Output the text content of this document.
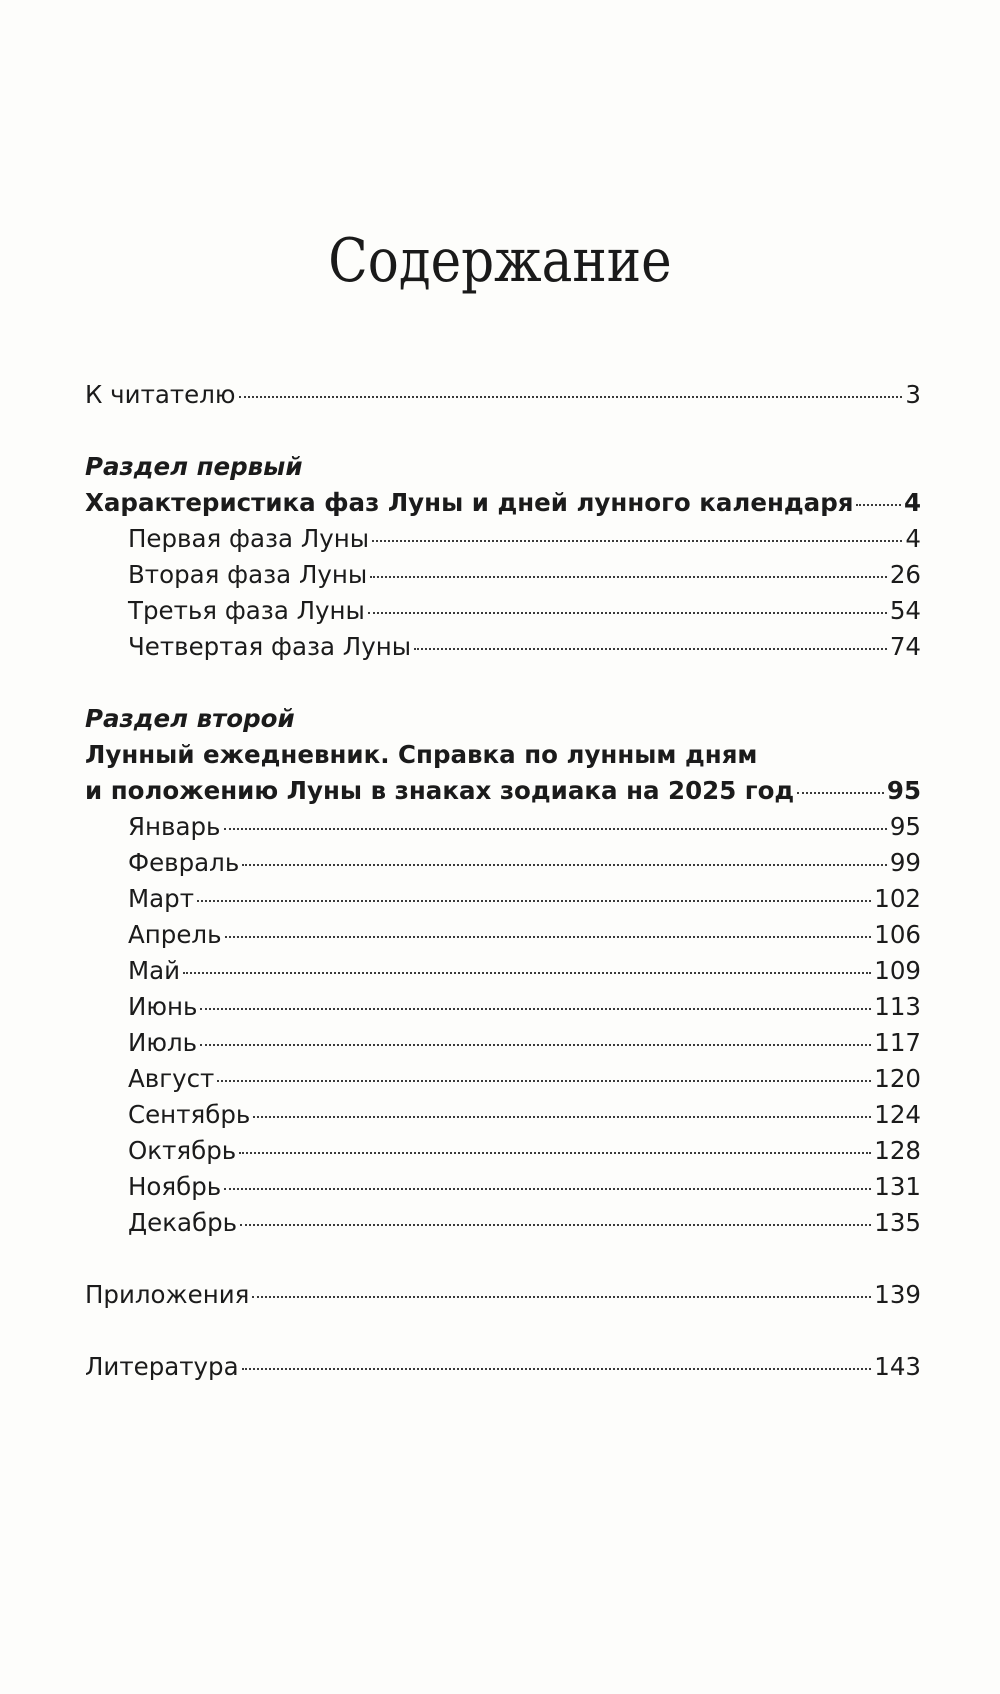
Содержание
К читателю	3
Раздел первый
Характеристика фаз Луны и дней лунного календаря 4
Первая фаза Луны	4
Вторая фаза Луны	26
Третья фаза Луны	54
Четвертая фаза Луны	74
Раздел второй
Лунный ежедневник. Справка по лунным дням
и положению Луны в знаках зодиака на 2025 год	95
Январь	95
Февраль	99
Март	102
Апрель	106
Май	109
Июнь	113
Июль	117
Август	120
Сентябрь	124
Октябрь	128
Ноябрь	131
Декабрь	135
Приложения	139
Литература	143
